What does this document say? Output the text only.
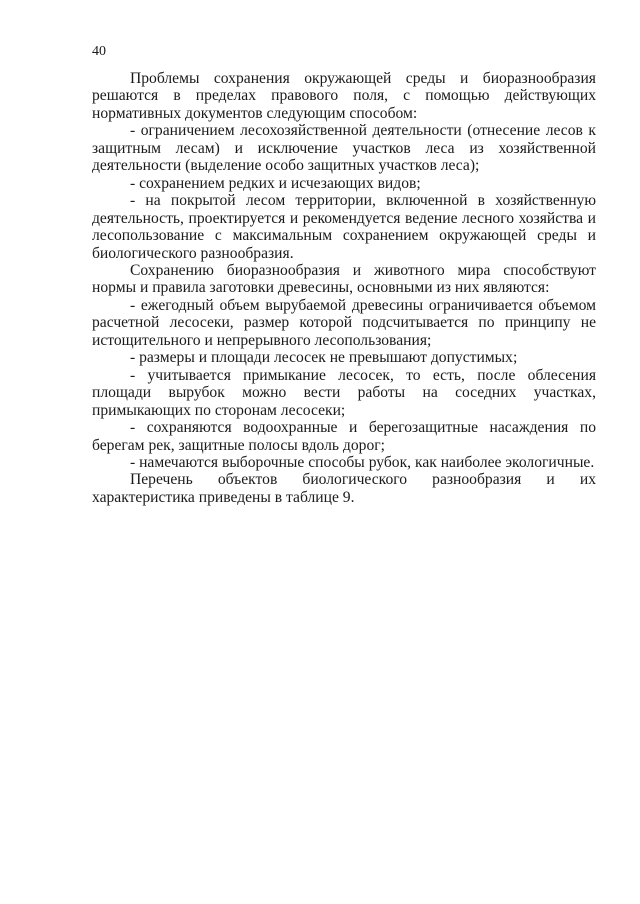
40

Проблемы сохранения окружающей среды и биоразнообразия решаются в пределах правового поля, с помощью действующих нормативных документов следующим способом:

- ограничением лесохозяйственной деятельности (отнесение лесов к защитным лесам) и исключение участков леса из хозяйственной деятельности (выделение особо защитных участков леса);

- сохранением редких и исчезающих видов;

- на покрытой лесом территории, включенной в хозяйственную деятельность, проектируется и рекомендуется ведение лесного хозяйства и лесопользование с максимальным сохранением окружающей среды и биологического разнообразия.

Сохранению биоразнообразия и животного мира способствуют нормы и правила заготовки древесины, основными из них являются:

- ежегодный объем вырубаемой древесины ограничивается объемом расчетной лесосеки, размер которой подсчитывается по принципу не истощительного и непрерывного лесопользования;

- размеры и площади лесосек не превышают допустимых;

- учитывается примыкание лесосек, то есть, после облесения площади вырубок можно вести работы на соседних участках, примыкающих по сторонам лесосеки;

- сохраняются водоохранные и берегозащитные насаждения по берегам рек, защитные полосы вдоль дорог;

- намечаются выборочные способы рубок, как наиболее экологичные.

Перечень объектов биологического разнообразия и их характеристика приведены в таблице 9.
